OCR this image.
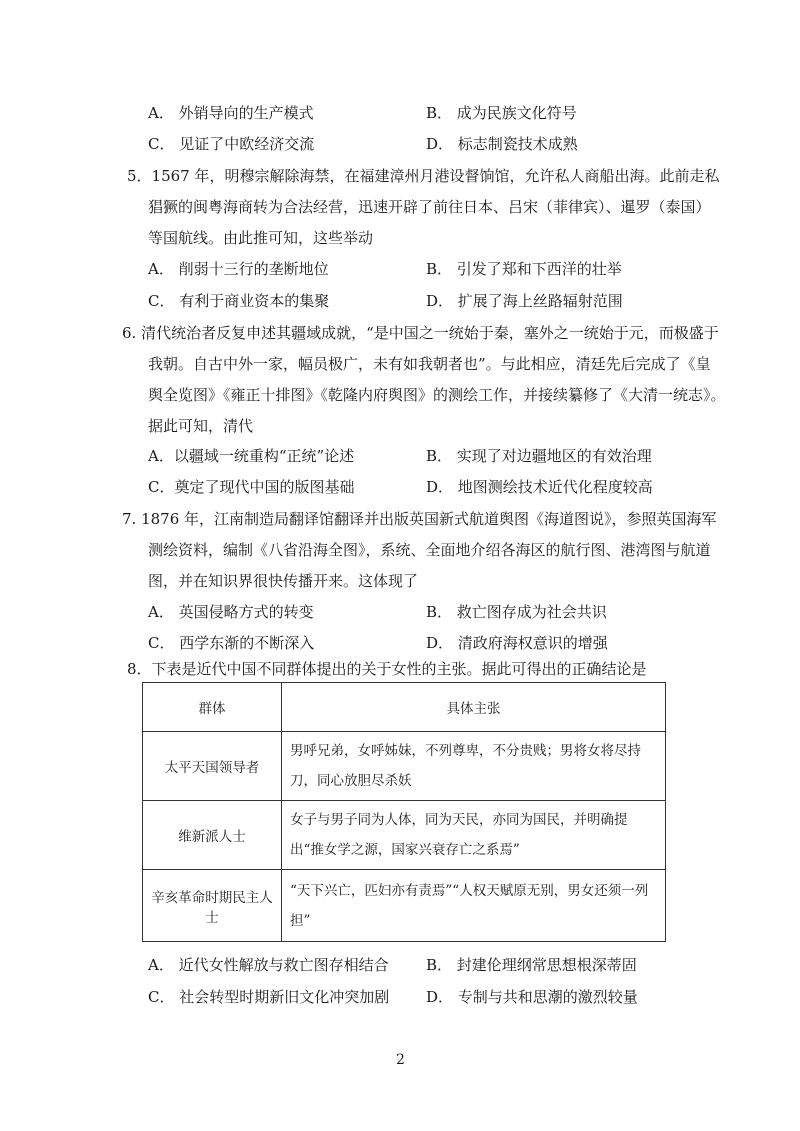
A． 外销导向的生产模式	B． 成为民族文化符号
C． 见证了中欧经济交流	D． 标志制瓷技术成熟
5．1567 年，明穆宗解除海禁，在福建漳州月港设督饷馆，允许私人商船出海。此前走私
猖獗的闽粤海商转为合法经营，迅速开辟了前往日本、吕宋（菲律宾）、暹罗（泰国）
等国航线。由此推可知，这些举动
A． 削弱十三行的垄断地位	B． 引发了郑和下西洋的壮举
C． 有利于商业资本的集聚	D． 扩展了海上丝路辐射范围
6. 清代统治者反复申述其疆域成就，“是中国之一统始于秦，塞外之一统始于元，而极盛于
我朝。自古中外一家，幅员极广，未有如我朝者也”。与此相应，清廷先后完成了《皇
舆全览图》《雍正十排图》《乾隆内府舆图》的测绘工作，并接续纂修了《大清一统志》。
据此可知，清代
A．以疆域一统重构“正统”论述	B． 实现了对边疆地区的有效治理
C．奠定了现代中国的版图基础	D． 地图测绘技术近代化程度较高
7. 1876 年，江南制造局翻译馆翻译并出版英国新式航道舆图《海道图说》，参照英国海军
测绘资料，编制《八省沿海全图》，系统、全面地介绍各海区的航行图、港湾图与航道
图，并在知识界很快传播开来。这体现了
A． 英国侵略方式的转变	B． 救亡图存成为社会共识
C． 西学东渐的不断深入	D． 清政府海权意识的增强
8．下表是近代中国不同群体提出的关于女性的主张。据此可得出的正确结论是
群体	具体主张
太平天国领导者	男呼兄弟，女呼姊妹，不列尊卑，不分贵贱；男将女将尽持刀，同心放胆尽杀妖
维新派人士	女子与男子同为人体，同为天民，亦同为国民，并明确提出“推女学之源，国家兴衰存亡之系焉”
辛亥革命时期民主人士	“天下兴亡，匹妇亦有责焉”“人权天赋原无别，男女还须一列担”
A． 近代女性解放与救亡图存相结合 B． 封建伦理纲常思想根深蒂固
C． 社会转型时期新旧文化冲突加剧 D． 专制与共和思潮的激烈较量
2
